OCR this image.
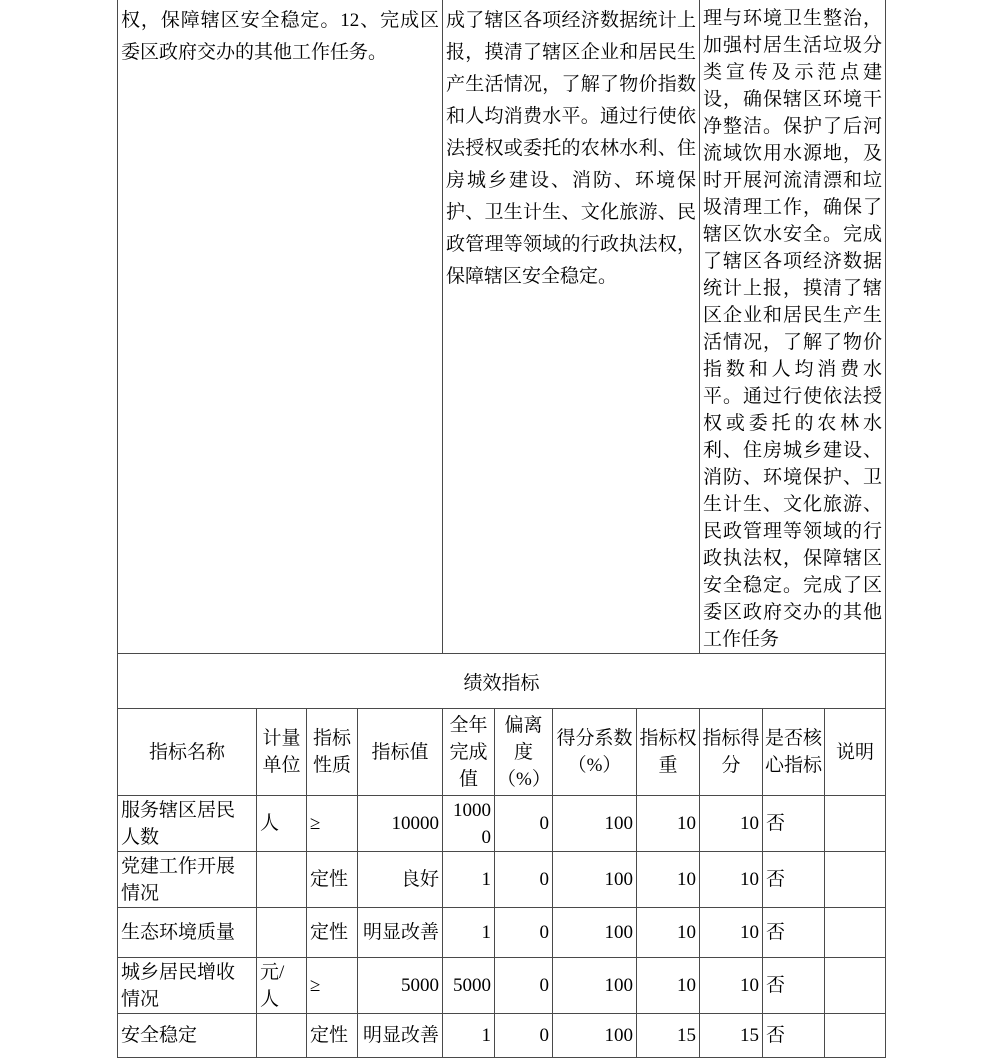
权，保障辖区安全稳定。12、完成区委区政府交办的其他工作任务。				成了辖区各项经济数据统计上报，摸清了辖区企业和居民生产生活情况，了解了物价指数和人均消费水平。通过行使依法授权或委托的农林水利、住房城乡建设、消防、环境保护、卫生计生、文化旅游、民政管理等领域的行政执法权，保障辖区安全稳定。				理与环境卫生整治，加强村居生活垃圾分类宣传及示范点建设，确保辖区环境干净整洁。保护了后河流域饮用水源地，及时开展河流清漂和垃圾清理工作，确保了辖区饮水安全。完成了辖区各项经济数据统计上报，摸清了辖区企业和居民生产生活情况，了解了物价指数和人均消费水平。通过行使依法授权或委托的农林水利、住房城乡建设、消防、环境保护、卫生计生、文化旅游、民政管理等领域的行政执法权，保障辖区安全稳定。完成了区委区政府交办的其他工作任务		
绩效指标										
指标名称	计量单位	指标性质	指标值	全年完成值	偏离度（%）	得分系数（%）	指标权重	指标得分	是否核心指标	说明
服务辖区居民人数	人	≥	10000	10000	0	100	10	10	否	
党建工作开展情况		定性	良好	1	0	100	10	10	否	
生态环境质量		定性	明显改善	1	0	100	10	10	否	
城乡居民增收情况	元/人	≥	5000	5000	0	100	10	10	否	
安全稳定		定性	明显改善	1	0	100	15	15	否	
